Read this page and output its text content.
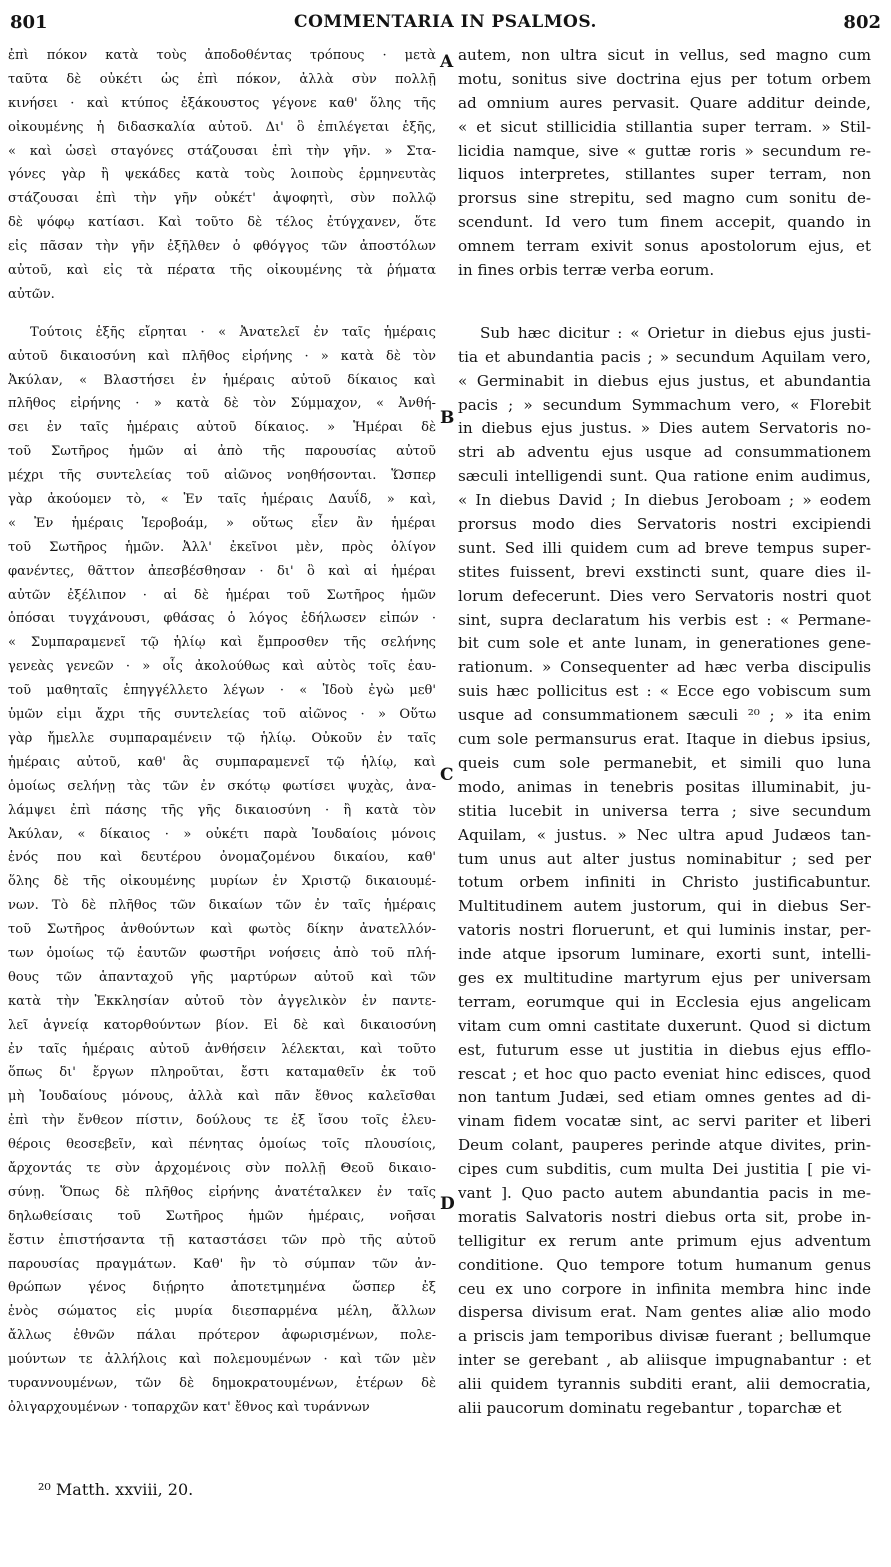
801	COMMENTARIA IN PSALMOS.	802
ἐπὶ πόκον κατὰ τοὺς ἀποδοθέντας τρόπους · μετὰ
ταῦτα δὲ οὐκέτι ὡς ἐπὶ πόκον, ἀλλὰ σὺν πολλῇ
κινήσει · καὶ κτύπος ἐξάκουστος γέγονε καθ' ὅλης τῆς
οἰκουμένης ἡ διδασκαλία αὐτοῦ. Δι' ὃ ἐπιλέγεται ἑξῆς,
« καὶ ὡσεὶ σταγόνες στάζουσαι ἐπὶ τὴν γῆν. » Στα-
γόνες γὰρ ἢ ψεκάδες κατὰ τοὺς λοιποὺς ἑρμηνευτὰς
στάζουσαι ἐπὶ τὴν γῆν οὐκέτ' ἀψοφητὶ, σὺν πολλῷ
δὲ ψόφῳ κατίασι. Καὶ τοῦτο δὲ τέλος ἐτύγχανεν, ὅτε
εἰς πᾶσαν τὴν γῆν ἐξῆλθεν ὁ φθόγγος τῶν ἀποστόλων
αὐτοῦ, καὶ εἰς τὰ πέρατα τῆς οἰκουμένης τὰ ῥήματα
αὐτῶν.
Τούτοις ἑξῆς εἴρηται · « Ἀνατελεῖ ἐν ταῖς ἡμέραις
αὐτοῦ δικαιοσύνη καὶ πλῆθος εἰρήνης · » κατὰ δὲ τὸν
Ἀκύλαν, « Βλαστήσει ἐν ἡμέραις αὐτοῦ δίκαιος καὶ
πλῆθος εἰρήνης · » κατὰ δὲ τὸν Σύμμαχον, « Ἀνθή-
σει ἐν ταῖς ἡμέραις αὐτοῦ δίκαιος. » Ἡμέραι δὲ
τοῦ Σωτῆρος ἡμῶν αἱ ἀπὸ τῆς παρουσίας αὐτοῦ
μέχρι τῆς συντελείας τοῦ αἰῶνος νοηθήσονται. Ὥσπερ
γὰρ ἀκούομεν τὸ, « Ἐν ταῖς ἡμέραις Δαυΐδ, » καὶ,
« Ἐν ἡμέραις Ἱεροβοάμ, » οὕτως εἶεν ἂν ἡμέραι
τοῦ Σωτῆρος ἡμῶν. Ἀλλ' ἐκεῖνοι μὲν, πρὸς ὀλίγον
φανέντες, θᾶττον ἀπεσβέσθησαν · δι' ὃ καὶ αἱ ἡμέραι
αὐτῶν ἐξέλιπον · αἱ δὲ ἡμέραι τοῦ Σωτῆρος ἡμῶν
ὁπόσαι τυγχάνουσι, φθάσας ὁ λόγος ἐδήλωσεν εἰπών ·
« Συμπαραμενεῖ τῷ ἡλίῳ καὶ ἔμπροσθεν τῆς σελήνης
γενεὰς γενεῶν · » οἷς ἀκολούθως καὶ αὐτὸς τοῖς ἑαυ-
τοῦ μαθηταῖς ἐπηγγέλλετο λέγων · « Ἰδοὺ ἐγὼ μεθ'
ὑμῶν εἰμι ἄχρι τῆς συντελείας τοῦ αἰῶνος · » Οὕτω
γὰρ ἤμελλε συμπαραμένειν τῷ ἡλίῳ. Οὐκοῦν ἐν ταῖς
ἡμέραις αὐτοῦ, καθ' ἃς συμπαραμενεῖ τῷ ἡλίῳ, καὶ
ὁμοίως σελήνῃ τὰς τῶν ἐν σκότῳ φωτίσει ψυχὰς, ἀνα-
λάμψει ἐπὶ πάσης τῆς γῆς δικαιοσύνη · ἢ κατὰ τὸν
Ἀκύλαν, « δίκαιος · » οὐκέτι παρὰ Ἰουδαίοις μόνοις
ἑνός που καὶ δευτέρου ὀνομαζομένου δικαίου, καθ'
ὅλης δὲ τῆς οἰκουμένης μυρίων ἐν Χριστῷ δικαιουμέ-
νων. Τὸ δὲ πλῆθος τῶν δικαίων τῶν ἐν ταῖς ἡμέραις
τοῦ Σωτῆρος ἀνθούντων καὶ φωτὸς δίκην ἀνατελλόν-
των ὁμοίως τῷ ἑαυτῶν φωστῆρι νοήσεις ἀπὸ τοῦ πλή-
θους τῶν ἁπανταχοῦ γῆς μαρτύρων αὐτοῦ καὶ τῶν
κατὰ τὴν Ἐκκλησίαν αὐτοῦ τὸν ἀγγελικὸν ἐν παντε-
λεῖ ἁγνείᾳ κατορθούντων βίον. Εἰ δὲ καὶ δικαιοσύνη
ἐν ταῖς ἡμέραις αὐτοῦ ἀνθήσειν λέλεκται, καὶ τοῦτο
ὅπως δι' ἔργων πληροῦται, ἔστι καταμαθεῖν ἐκ τοῦ
μὴ Ἰουδαίους μόνους, ἀλλὰ καὶ πᾶν ἔθνος καλεῖσθαι
ἐπὶ τὴν ἔνθεον πίστιν, δούλους τε ἐξ ἴσου τοῖς ἐλευ-
θέροις θεοσεβεῖν, καὶ πένητας ὁμοίως τοῖς πλουσίοις,
ἄρχοντάς τε σὺν ἀρχομένοις σὺν πολλῇ Θεοῦ δικαιο-
σύνῃ. Ὅπως δὲ πλῆθος εἰρήνης ἀνατέταλκεν ἐν ταῖς
δηλωθείσαις τοῦ Σωτῆρος ἡμῶν ἡμέραις, νοῆσαι
ἔστιν ἐπιστήσαντα τῇ καταστάσει τῶν πρὸ τῆς αὐτοῦ
παρουσίας πραγμάτων. Καθ' ἣν τὸ σύμπαν τῶν ἀν-
θρώπων γένος διῄρητο ἀποτετμημένα ὥσπερ ἐξ
ἑνὸς σώματος εἰς μυρία διεσπαρμένα μέλη, ἄλλων
ἄλλως ἐθνῶν πάλαι πρότερον ἀφωρισμένων, πολε-
μούντων τε ἀλλήλοις καὶ πολεμουμένων · καὶ τῶν μὲν
τυραννουμένων, τῶν δὲ δημοκρατουμένων, ἑτέρων δὲ
ὀλιγαρχουμένων · τοπαρχῶν κατ' ἔθνος καὶ τυράννων
autem, non ultra sicut in vellus, sed magno cum
motu, sonitus sive doctrina ejus per totum orbem
ad omnium aures pervasit. Quare additur deinde,
« et sicut stillicidia stillantia super terram. » Stil-
licidia namque, sive « guttæ roris » secundum re-
liquos interpretes, stillantes super terram, non
prorsus sine strepitu, sed magno cum sonitu de-
scendunt. Id vero tum finem accepit, quando in
omnem terram exivit sonus apostolorum ejus, et
in fines orbis terræ verba eorum.
Sub hæc dicitur : « Orietur in diebus ejus justi-
tia et abundantia pacis ; » secundum Aquilam vero,
« Germinabit in diebus ejus justus, et abundantia
pacis ; » secundum Symmachum vero, « Florebit
in diebus ejus justus. » Dies autem Servatoris no-
stri ab adventu ejus usque ad consummationem
sæculi intelligendi sunt. Qua ratione enim audimus,
« In diebus David ; In diebus Jeroboam ; » eodem
prorsus modo dies Servatoris nostri excipiendi
sunt. Sed illi quidem cum ad breve tempus super-
stites fuissent, brevi exstincti sunt, quare dies il-
lorum defecerunt. Dies vero Servatoris nostri quot
sint, supra declaratum his verbis est : « Permane-
bit cum sole et ante lunam, in generationes gene-
rationum. » Consequenter ad hæc verba discipulis
suis hæc pollicitus est : « Ecce ego vobiscum sum
usque ad consummationem sæculi ²⁰ ; » ita enim
cum sole permansurus erat. Itaque in diebus ipsius,
queis cum sole permanebit, et simili quo luna
modo, animas in tenebris positas illuminabit, ju-
stitia lucebit in universa terra ; sive secundum
Aquilam, « justus. » Nec ultra apud Judæos tan-
tum unus aut alter justus nominabitur ; sed per
totum orbem infiniti in Christo justificabuntur.
Multitudinem autem justorum, qui in diebus Ser-
vatoris nostri floruerunt, et qui luminis instar, per-
inde atque ipsorum luminare, exorti sunt, intelli-
ges ex multitudine martyrum ejus per universam
terram, eorumque qui in Ecclesia ejus angelicam
vitam cum omni castitate duxerunt. Quod si dictum
est, futurum esse ut justitia in diebus ejus efflo-
rescat ; et hoc quo pacto eveniat hinc edisces, quod
non tantum Judæi, sed etiam omnes gentes ad di-
vinam fidem vocatæ sint, ac servi pariter et liberi
Deum colant, pauperes perinde atque divites, prin-
cipes cum subditis, cum multa Dei justitia [ pie vi-
vant ]. Quo pacto autem abundantia pacis in me-
moratis Salvatoris nostri diebus orta sit, probe in-
telligitur ex rerum ante primum ejus adventum
conditione. Quo tempore totum humanum genus
ceu ex uno corpore in infinita membra hinc inde
dispersa divisum erat. Nam gentes aliæ alio modo
a priscis jam temporibus divisæ fuerant ; bellumque
inter se gerebant , ab aliisque impugnabantur : et
alii quidem tyrannis subditi erant, alii democratia,
alii paucorum dominatu regebantur , toparchæ et
A
B
C
D
²⁰ Matth. xxviii, 20.
